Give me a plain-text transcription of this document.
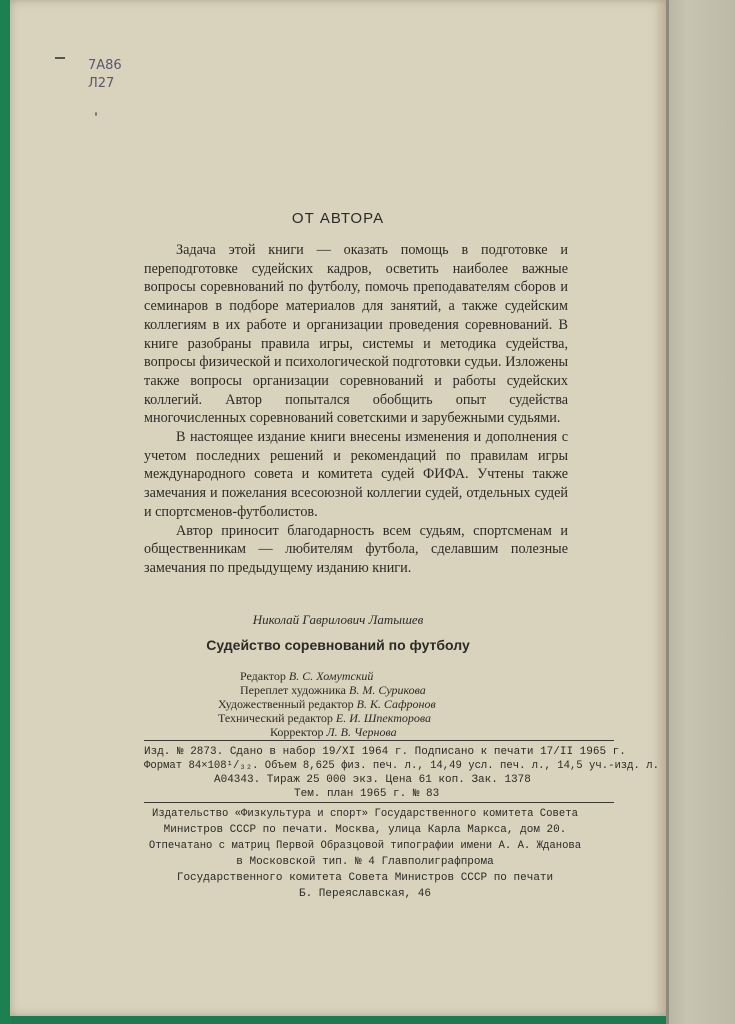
7А86
Л27
ОТ АВТОРА

Задача этой книги — оказать помощь в подготовке и переподготовке судейских кадров, осветить наиболее важные вопросы соревнований по футболу, помочь преподавателям сборов и семинаров в подборе материалов для занятий, а также судейским коллегиям в их работе и организации проведения соревнований. В книге разобраны правила игры, системы и методика судейства, вопросы физической и психологической подготовки судьи. Изложены также вопросы организации соревнований и работы судейских коллегий. Автор попытался обобщить опыт судейства многочисленных соревнований советскими и зарубежными судьями.

В настоящее издание книги внесены изменения и дополнения с учетом последних решений и рекомендаций по правилам игры международного совета и комитета судей ФИФА. Учтены также замечания и пожелания всесоюзной коллегии судей, отдельных судей и спортсменов-футболистов.

Автор приносит благодарность всем судьям, спортсменам и общественникам — любителям футбола, сделавшим полезные замечания по предыдущему изданию книги.

Николай Гаврилович Латышев
Судейство соревнований по футболу
Редактор В. С. Хомутский
Переплет художника В. М. Сурикова
Художественный редактор В. К. Сафронов
Технический редактор Е. И. Шпекторова
Корректор Л. В. Чернова
Изд. № 2873. Сдано в набор 19/XI 1964 г. Подписано к печати 17/II 1965 г.
Формат 84×108¹/₃₂. Объем 8,625 физ. печ. л., 14,49 усл. печ. л., 14,5 уч.-изд. л.
А04343. Тираж 25 000 экз. Цена 61 коп. Зак. 1378
Тем. план 1965 г. № 83
Издательство «Физкультура и спорт» Государственного комитета Совета
Министров СССР по печати. Москва, улица Карла Маркса, дом 20.
Отпечатано с матриц Первой Образцовой типографии имени А. А. Жданова
в Московской тип. № 4 Главполиграфпрома
Государственного комитета Совета Министров СССР по печати
Б. Переяславская, 46
